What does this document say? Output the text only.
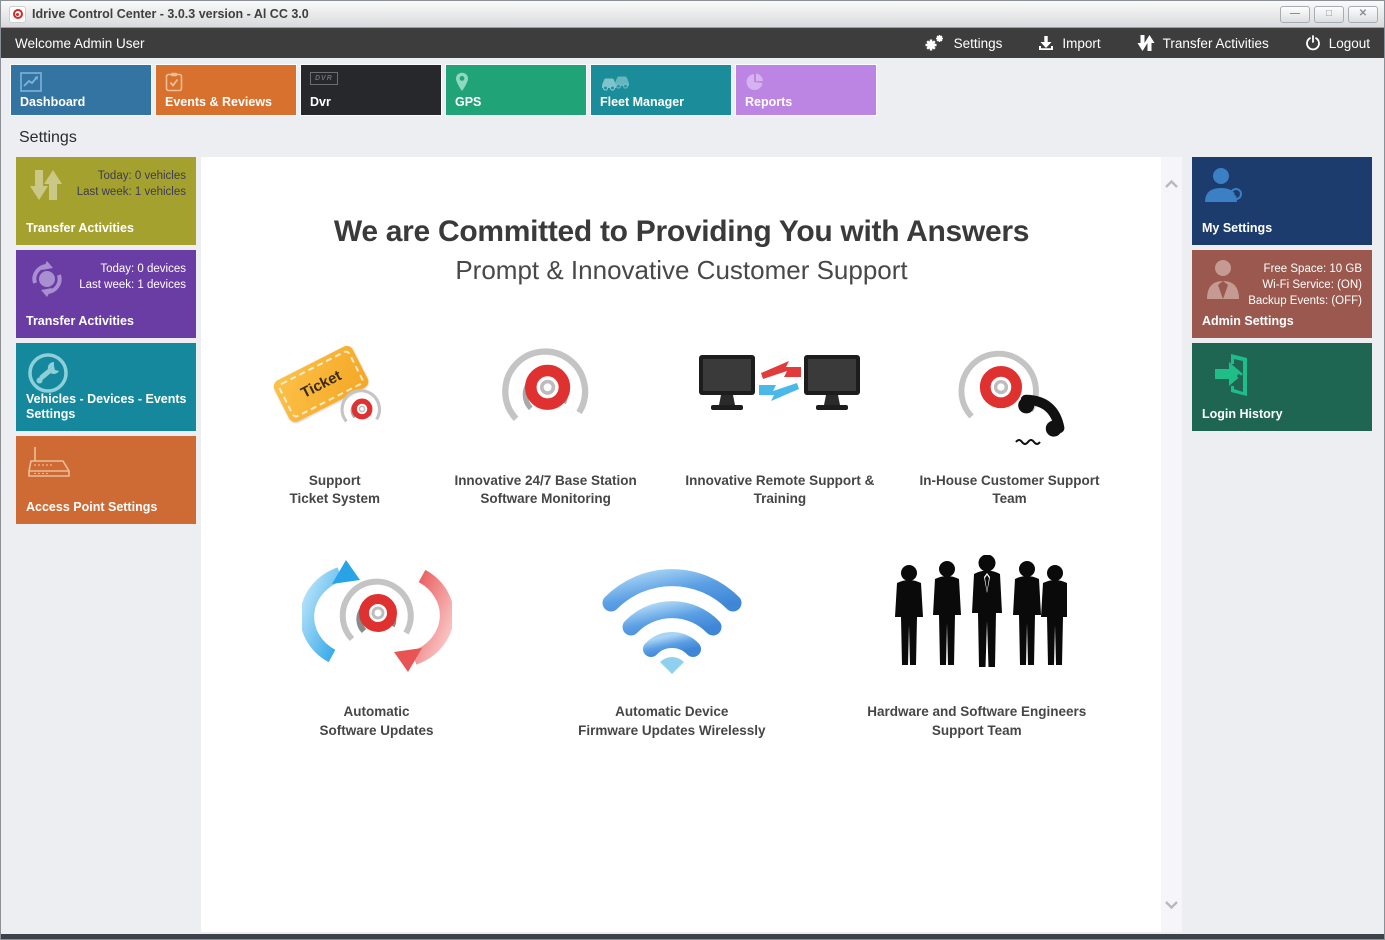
Idrive Control Center - 3.0.3 version - Al CC 3.0	—	□	✕
Welcome Admin User	Settings	Import	Transfer Activities	Logout
Dashboard	Events & Reviews
DVR
Dvr	GPS	Fleet Manager	Reports
Settings
Today: 0 vehicles
Last week: 1 vehicles
Transfer Activities
Today: 0 devices
Last week: 1 devices
Transfer Activities
Vehicles - Devices - Events Settings
Access Point Settings
We are Committed to Providing You with Answers
Prompt & Innovative Customer Support
Ticket
Support
Ticket System
Innovative 24/7 Base Station
Software Monitoring
Innovative Remote Support &
Training
In-House Customer Support
Team
Automatic
Software Updates
Automatic Device
Firmware Updates Wirelessly
Hardware and Software Engineers
Support Team
My Settings
Free Space: 10 GB
Wi-Fi Service: (ON)
Backup Events: (OFF)
Admin Settings
Login History
